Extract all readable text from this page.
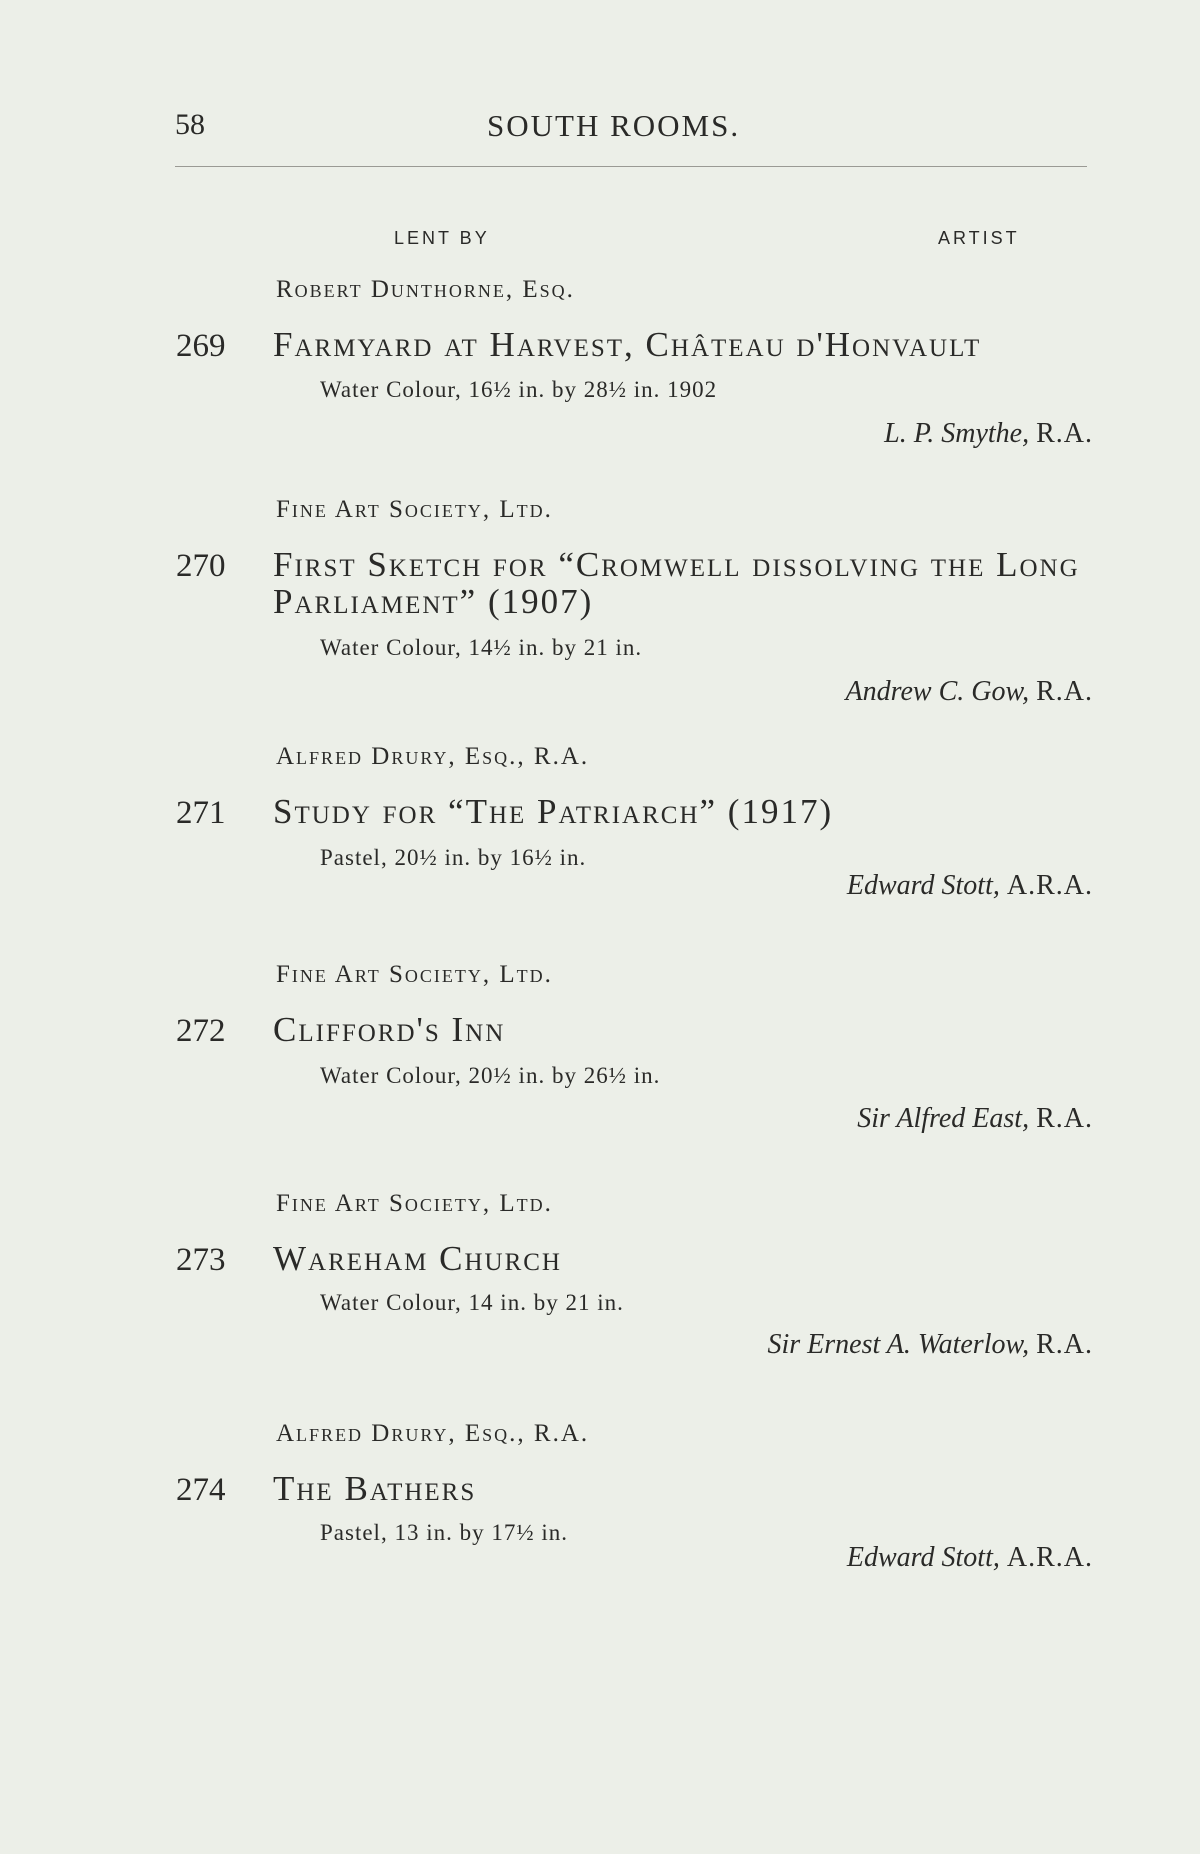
58	SOUTH ROOMS.
LENT BY	ARTIST
Robert Dunthorne, Esq.
269 Farmyard at Harvest, Château d'Honvault
Water Colour, 16½ in. by 28½ in. 1902
L. P. Smythe, R.A.
Fine Art Society, Ltd.
270 First Sketch for “Cromwell dissolving the Long Parliament” (1907)
Water Colour, 14½ in. by 21 in.
Andrew C. Gow, R.A.
Alfred Drury, Esq., R.A.
271 Study for “The Patriarch” (1917)
Pastel, 20½ in. by 16½ in.
Edward Stott, A.R.A.
Fine Art Society, Ltd.
272 Clifford's Inn
Water Colour, 20½ in. by 26½ in.
Sir Alfred East, R.A.
Fine Art Society, Ltd.
273 Wareham Church
Water Colour, 14 in. by 21 in.
Sir Ernest A. Waterlow, R.A.
Alfred Drury, Esq., R.A.
274 The Bathers
Pastel, 13 in. by 17½ in.
Edward Stott, A.R.A.
